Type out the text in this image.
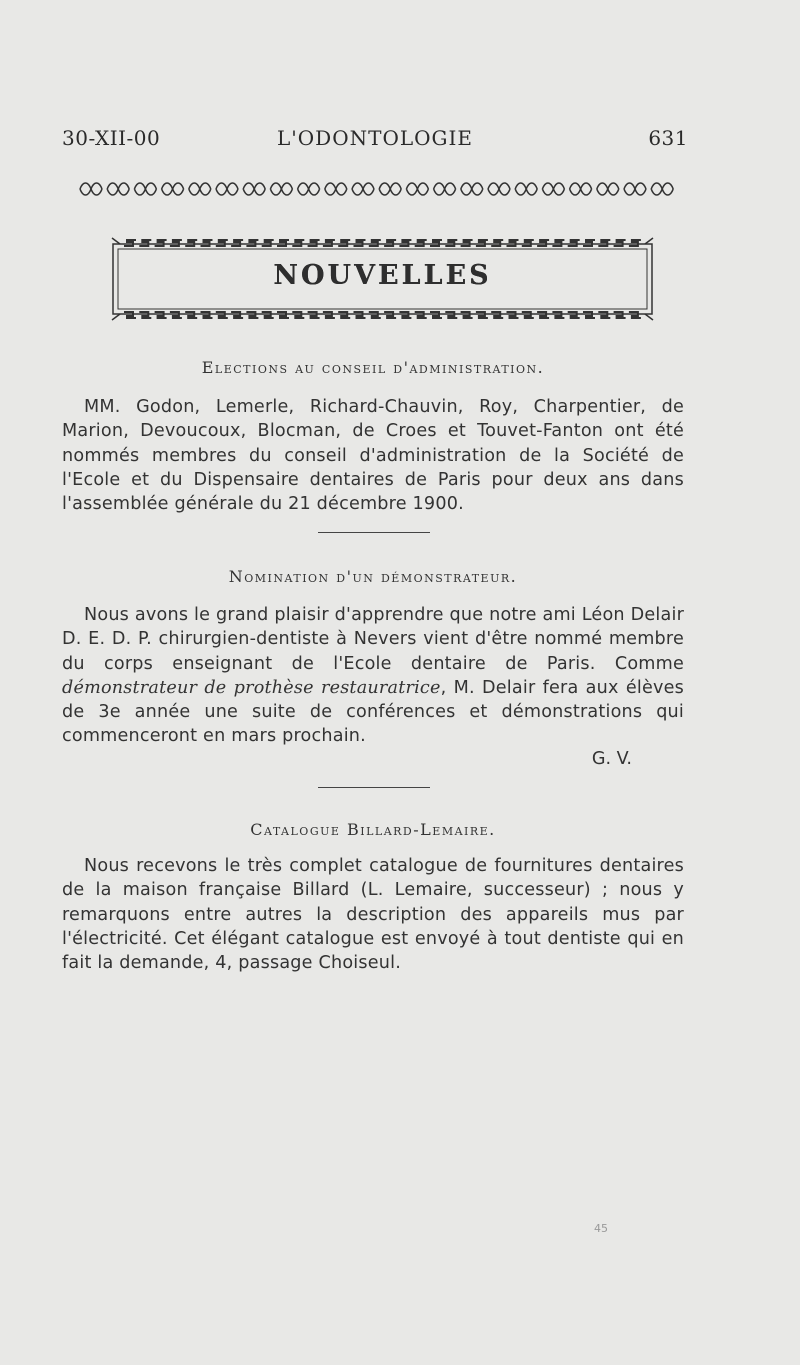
30-XII-00	L'ODONTOLOGIE	631
NOUVELLES
Elections au conseil d'administration.
MM. Godon, Lemerle, Richard-Chauvin, Roy, Charpentier, de Marion, Devoucoux, Blocman, de Croes et Touvet-Fanton ont été nommés membres du conseil d'administration de la Société de l'Ecole et du Dispensaire dentaires de Paris pour deux ans dans l'assemblée générale du 21 décembre 1900.
Nomination d'un démonstrateur.
Nous avons le grand plaisir d'apprendre que notre ami Léon Delair D. E. D. P. chirurgien-dentiste à Nevers vient d'être nommé membre du corps enseignant de l'Ecole dentaire de Paris. Comme démonstrateur de prothèse restauratrice, M. Delair fera aux élèves de 3e année une suite de conférences et démonstrations qui commenceront en mars prochain.
G. V.
Catalogue Billard-Lemaire.
Nous recevons le très complet catalogue de fournitures dentaires de la maison française Billard (L. Lemaire, successeur) ; nous y remarquons entre autres la description des appareils mus par l'électricité. Cet élégant catalogue est envoyé à tout dentiste qui en fait la demande, 4, passage Choiseul.
45
